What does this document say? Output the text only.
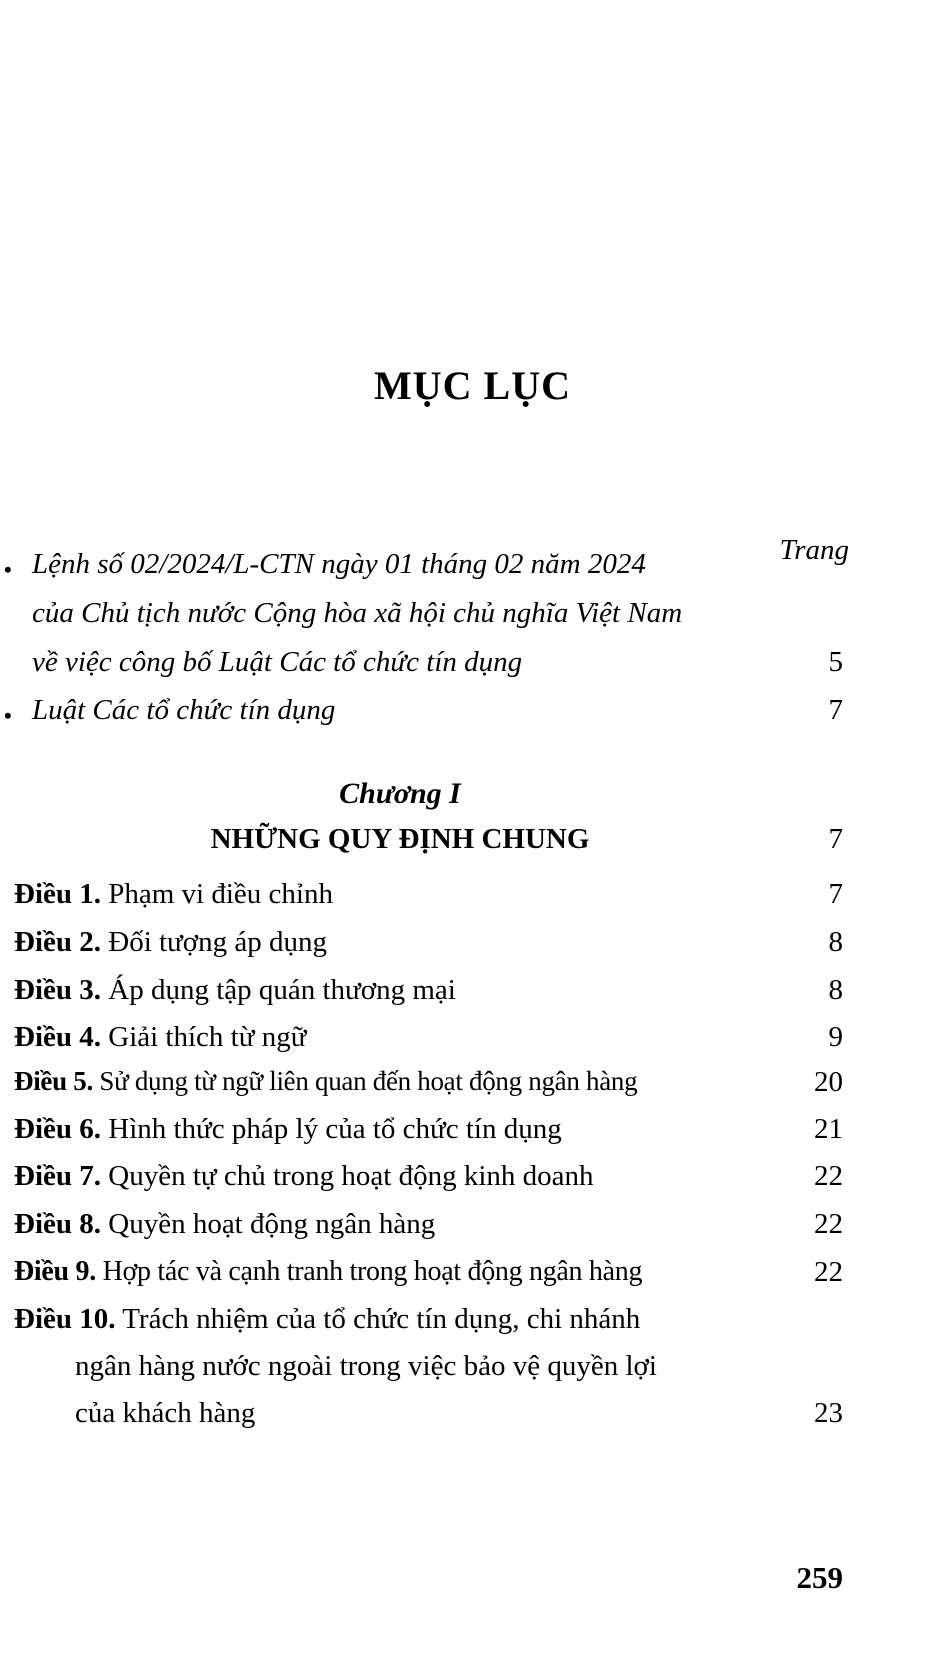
MỤC LỤC
Trang
• Lệnh số 02/2024/L-CTN ngày 01 tháng 02 năm 2024
của Chủ tịch nước Cộng hòa xã hội chủ nghĩa Việt Nam
về việc công bố Luật Các tổ chức tín dụng	5
• Luật Các tổ chức tín dụng	7
Chương I
NHỮNG QUY ĐỊNH CHUNG	7
Điều 1. Phạm vi điều chỉnh	7
Điều 2. Đối tượng áp dụng	8
Điều 3. Áp dụng tập quán thương mại	8
Điều 4. Giải thích từ ngữ	9
Điều 5. Sử dụng từ ngữ liên quan đến hoạt động ngân hàng	20
Điều 6. Hình thức pháp lý của tổ chức tín dụng	21
Điều 7. Quyền tự chủ trong hoạt động kinh doanh	22
Điều 8. Quyền hoạt động ngân hàng	22
Điều 9. Hợp tác và cạnh tranh trong hoạt động ngân hàng	22
Điều 10. Trách nhiệm của tổ chức tín dụng, chi nhánh
ngân hàng nước ngoài trong việc bảo vệ quyền lợi
của khách hàng	23
259
